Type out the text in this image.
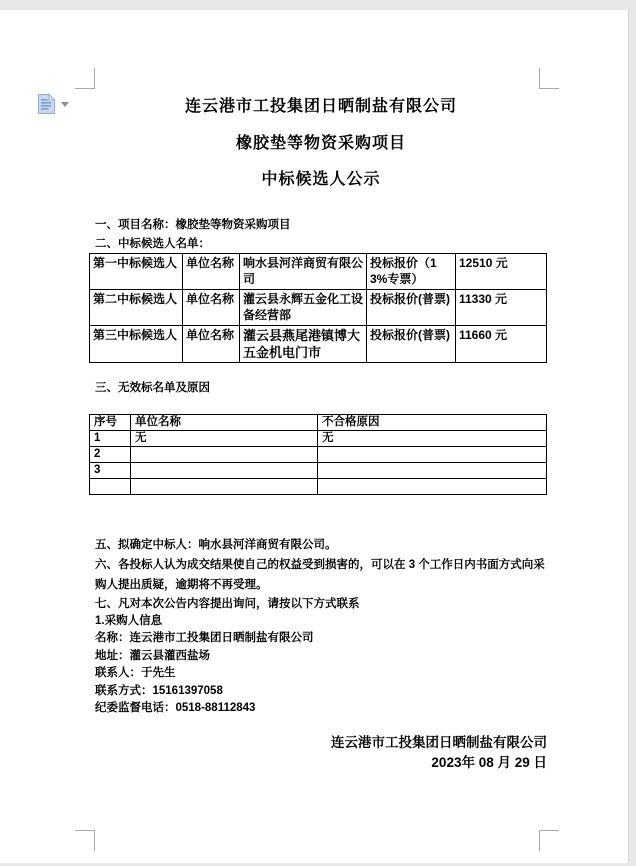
连云港市工投集团日晒制盐有限公司
橡胶垫等物资采购项目
中标候选人公示
一、项目名称：橡胶垫等物资采购项目
二、中标候选人名单：
第一中标候选人	单位名称	响水县河洋商贸有限公司	投标报价（13%专票）	12510 元
第二中标候选人	单位名称	灌云县永辉五金化工设备经营部	投标报价(普票)	11330 元
第三中标候选人	单位名称	灌云县燕尾港镇博大五金机电门市	投标报价(普票)	11660 元
三、无效标名单及原因
序号	单位名称	不合格原因
1	无	无
2		
3		

五、拟确定中标人：响水县河洋商贸有限公司。
六、各投标人认为成交结果使自己的权益受到损害的，可以在 3 个工作日内书面方式向采购人提出质疑，逾期将不再受理。
七、凡对本次公告内容提出询问，请按以下方式联系
1.采购人信息
名称：连云港市工投集团日晒制盐有限公司
地址：灌云县灌西盐场
联系人：于先生
联系方式：15161397058
纪委监督电话：0518-88112843
连云港市工投集团日晒制盐有限公司
2023年 08 月 29 日
